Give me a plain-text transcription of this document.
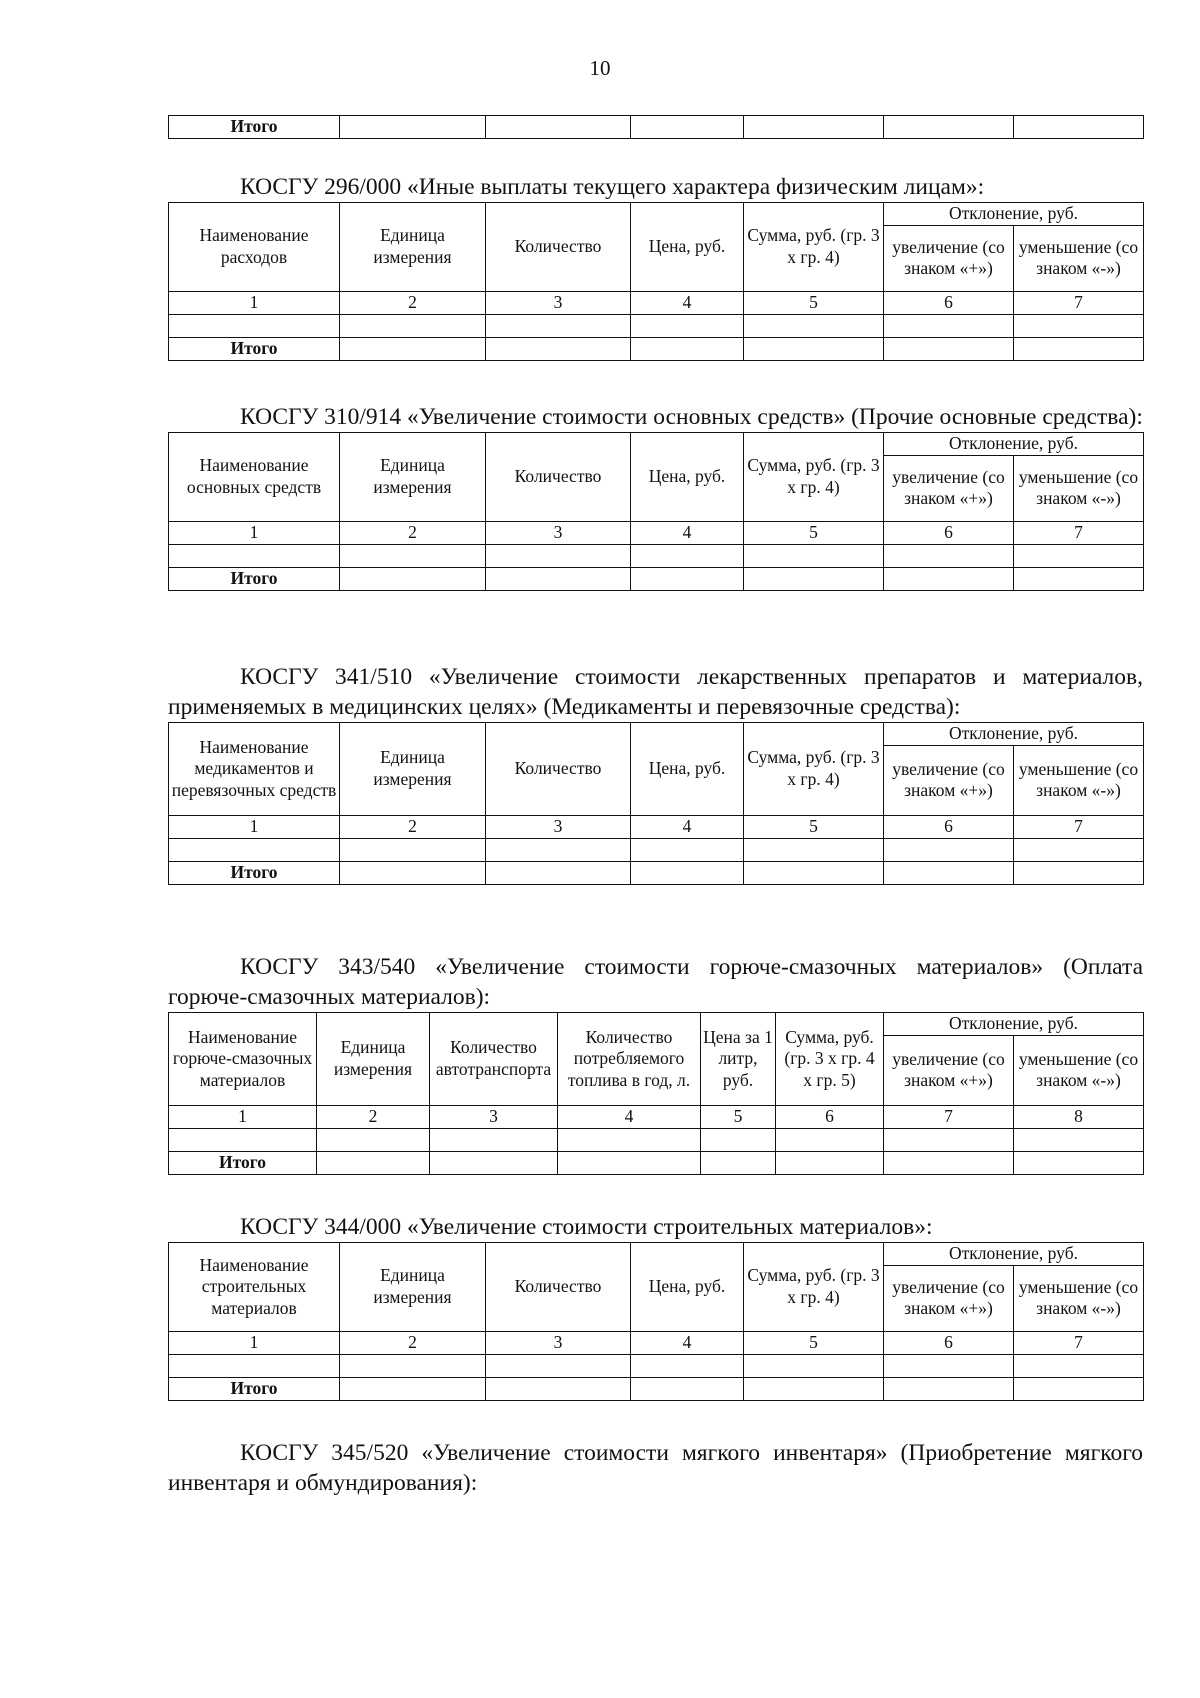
10
Итого						

КОСГУ 296/000 «Иные выплаты текущего характера физическим лицам»:

Наименование расходов	Единица измерения	Количество	Цена, руб.	Сумма, руб. (гр. 3 х гр. 4)	Отклонение, руб.	
					увеличение (со знаком «+»)	уменьшение (со знаком «-»)
1	2	3	4	5	6	7

Итого						

КОСГУ 310/914 «Увеличение стоимости основных средств» (Прочие основные средства):

Наименование основных средств	Единица измерения	Количество	Цена, руб.	Сумма, руб. (гр. 3 х гр. 4)	Отклонение, руб.	
					увеличение (со знаком «+»)	уменьшение (со знаком «-»)
1	2	3	4	5	6	7

Итого						

КОСГУ 341/510 «Увеличение стоимости лекарственных препаратов и материалов, применяемых в медицинских целях» (Медикаменты и перевязочные средства):

Наименование медикаментов и перевязочных средств	Единица измерения	Количество	Цена, руб.	Сумма, руб. (гр. 3 х гр. 4)	Отклонение, руб.	
					увеличение (со знаком «+»)	уменьшение (со знаком «-»)
1	2	3	4	5	6	7

Итого						

КОСГУ 343/540 «Увеличение стоимости горюче-смазочных материалов» (Оплата горюче-смазочных материалов):

Наименование горюче-смазочных материалов	Единица измерения	Количество автотранспорта	Количество потребляемого топлива в год, л.	Цена за 1 литр, руб.	Сумма, руб. (гр. 3 х гр. 4 х гр. 5)	Отклонение, руб.	
						увеличение (со знаком «+»)	уменьшение (со знаком «-»)
1	2	3	4	5	6	7	8

Итого							

КОСГУ 344/000 «Увеличение стоимости строительных материалов»:

Наименование строительных материалов	Единица измерения	Количество	Цена, руб.	Сумма, руб. (гр. 3 х гр. 4)	Отклонение, руб.	
					увеличение (со знаком «+»)	уменьшение (со знаком «-»)
1	2	3	4	5	6	7

Итого						

КОСГУ 345/520 «Увеличение стоимости мягкого инвентаря» (Приобретение мягкого инвентаря и обмундирования):
